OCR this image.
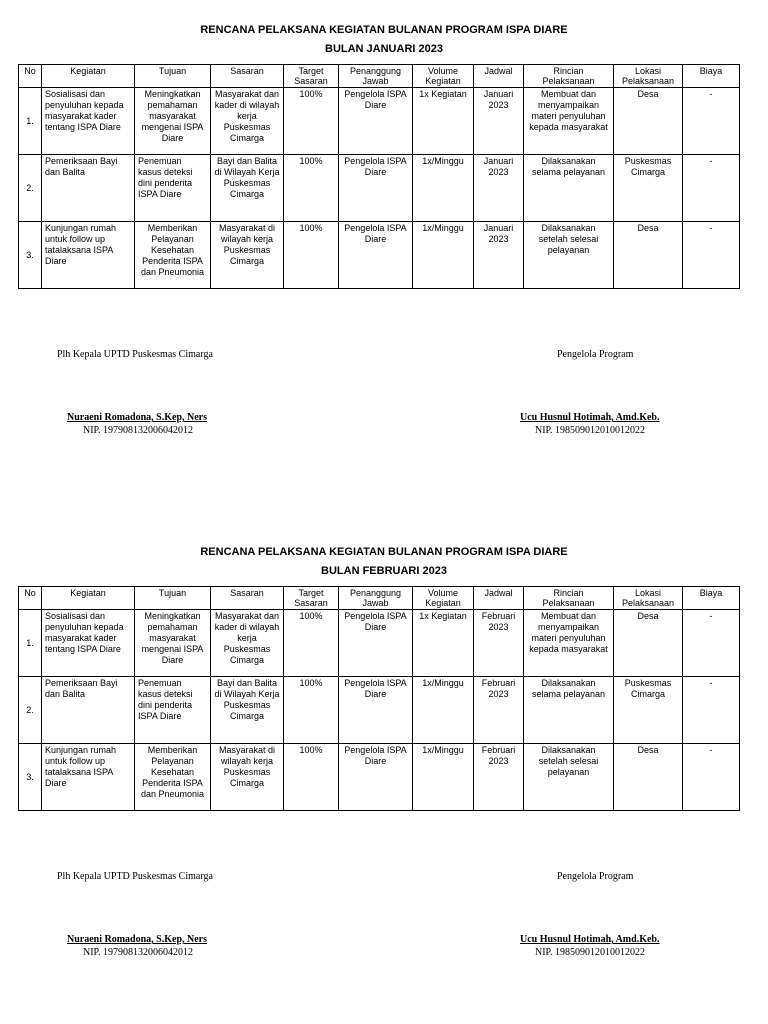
RENCANA PELAKSANA KEGIATAN BULANAN PROGRAM ISPA DIARE
BULAN JANUARI 2023
No	Kegiatan	Tujuan	Sasaran	Target Sasaran	Penanggung Jawab	Volume Kegiatan	Jadwal	Rincian Pelaksanaan	Lokasi Pelaksanaan	Biaya
1.	Sosialisasi dan penyuluhan kepada masyarakat kader tentang ISPA Diare	Meningkatkan pemahaman masyarakat mengenai ISPA Diare	Masyarakat dan kader di wilayah kerja Puskesmas Cimarga	100%	Pengelola ISPA Diare	1x Kegiatan	Januari 2023	Membuat dan menyampaikan materi penyuluhan kepada masyarakat	Desa	-
2.	Pemeriksaan Bayi dan Balita	Penemuan kasus deteksi dini penderita ISPA Diare	Bayi dan Balita di Wilayah Kerja Puskesmas Cimarga	100%	Pengelola ISPA Diare	1x/Minggu	Januari 2023	Dilaksanakan selama pelayanan	Puskesmas Cimarga	-
3.	Kunjungan rumah untuk follow up tatalaksana ISPA Diare	Memberikan Pelayanan Kesehatan Penderita ISPA dan Pneumonia	Masyarakat di wilayah kerja Puskesmas Cimarga	100%	Pengelola ISPA Diare	1x/Minggu	Januari 2023	Dilaksanakan setelah selesai pelayanan	Desa	-
Plh Kepala UPTD Puskesmas Cimarga	Pengelola Program
Nuraeni Romadona, S.Kep, Ners
NIP. 197908132006042012
Ucu Husnul Hotimah, Amd.Keb.
NIP. 198509012010012022
RENCANA PELAKSANA KEGIATAN BULANAN PROGRAM ISPA DIARE
BULAN FEBRUARI 2023
No	Kegiatan	Tujuan	Sasaran	Target Sasaran	Penanggung Jawab	Volume Kegiatan	Jadwal	Rincian Pelaksanaan	Lokasi Pelaksanaan	Biaya
1.	Sosialisasi dan penyuluhan kepada masyarakat kader tentang ISPA Diare	Meningkatkan pemahaman masyarakat mengenai ISPA Diare	Masyarakat dan kader di wilayah kerja Puskesmas Cimarga	100%	Pengelola ISPA Diare	1x Kegiatan	Februari 2023	Membuat dan menyampaikan materi penyuluhan kepada masyarakat	Desa	-
2.	Pemeriksaan Bayi dan Balita	Penemuan kasus deteksi dini penderita ISPA Diare	Bayi dan Balita di Wilayah Kerja Puskesmas Cimarga	100%	Pengelola ISPA Diare	1x/Minggu	Februari 2023	Dilaksanakan selama pelayanan	Puskesmas Cimarga	-
3.	Kunjungan rumah untuk follow up tatalaksana ISPA Diare	Memberikan Pelayanan Kesehatan Penderita ISPA dan Pneumonia	Masyarakat di wilayah kerja Puskesmas Cimarga	100%	Pengelola ISPA Diare	1x/Minggu	Februari 2023	Dilaksanakan setelah selesai pelayanan	Desa	-
Plh Kepala UPTD Puskesmas Cimarga	Pengelola Program
Nuraeni Romadona, S.Kep, Ners
NIP. 197908132006042012
Ucu Husnul Hotimah, Amd.Keb.
NIP. 198509012010012022
